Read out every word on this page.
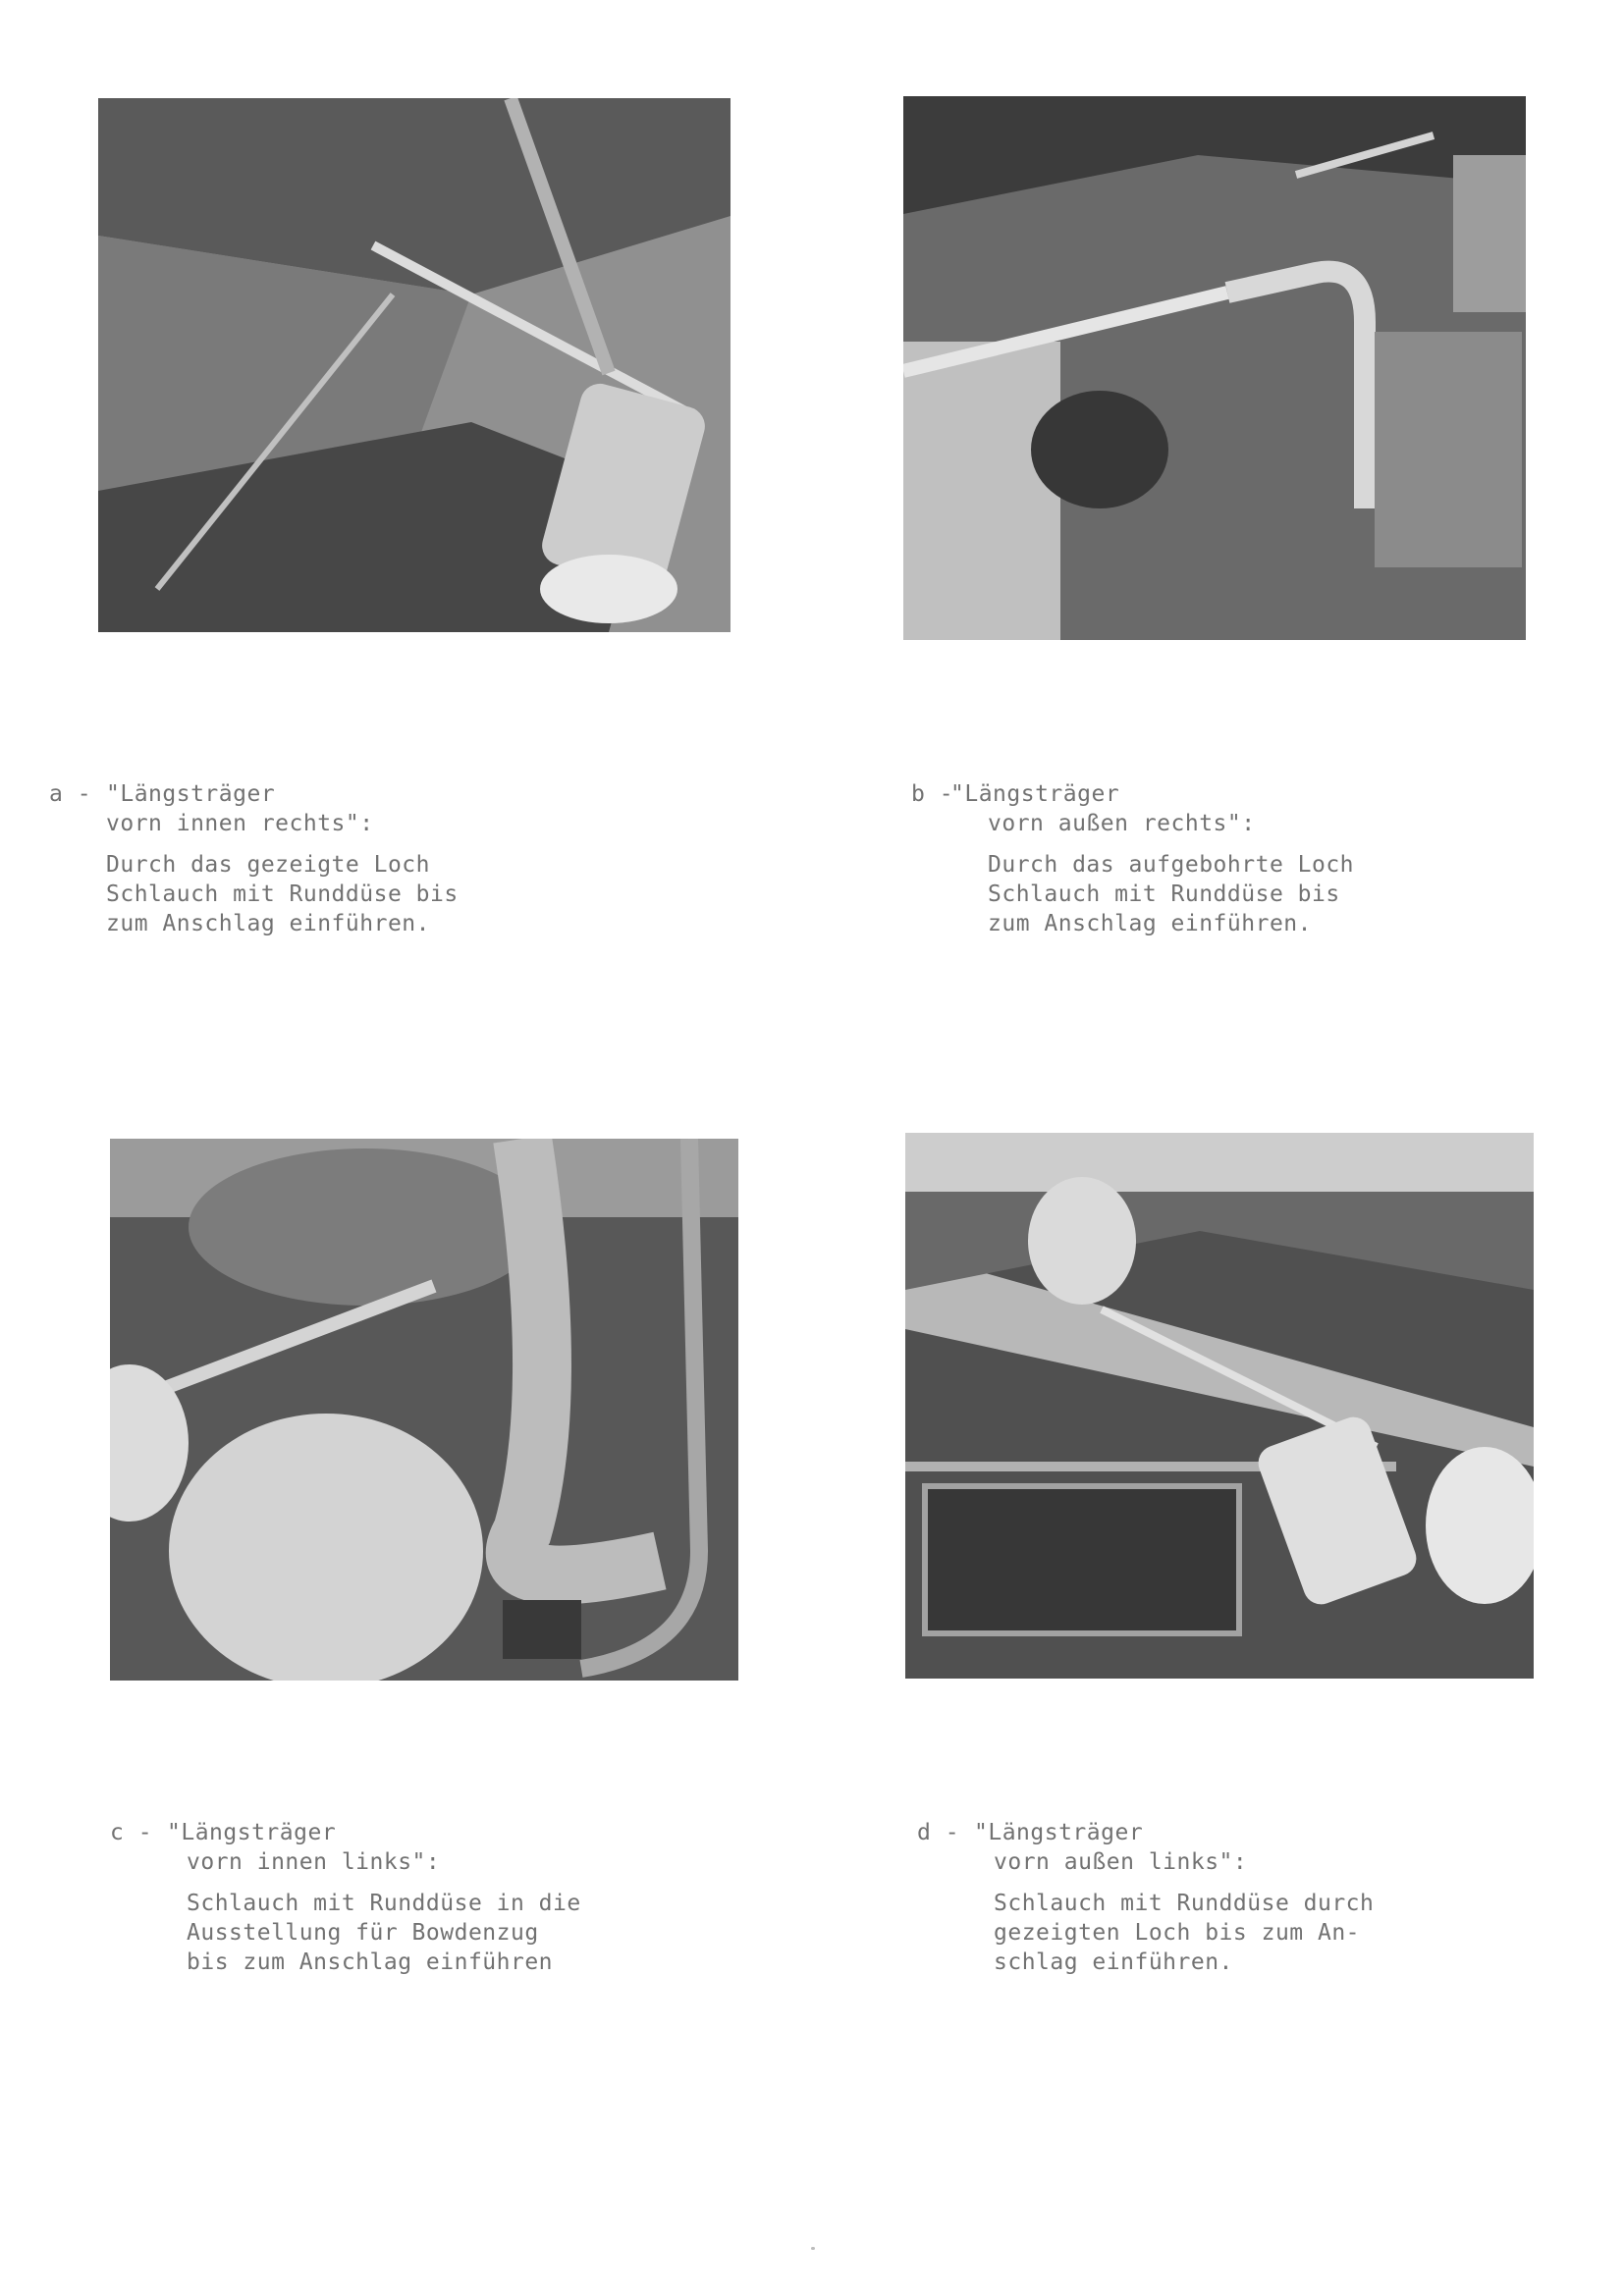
a - "Längsträger
vorn innen rechts":
Durch das gezeigte Loch
Schlauch mit Runddüse bis
zum Anschlag einführen.
b -"Längsträger
vorn außen rechts":
Durch das aufgebohrte Loch
Schlauch mit Runddüse bis
zum Anschlag einführen.
c - "Längsträger
vorn innen links":
Schlauch mit Runddüse in die
Ausstellung für Bowdenzug
bis zum Anschlag einführen
d - "Längsträger
vorn außen links":
Schlauch mit Runddüse durch
gezeigten Loch bis zum An-
schlag einführen.
